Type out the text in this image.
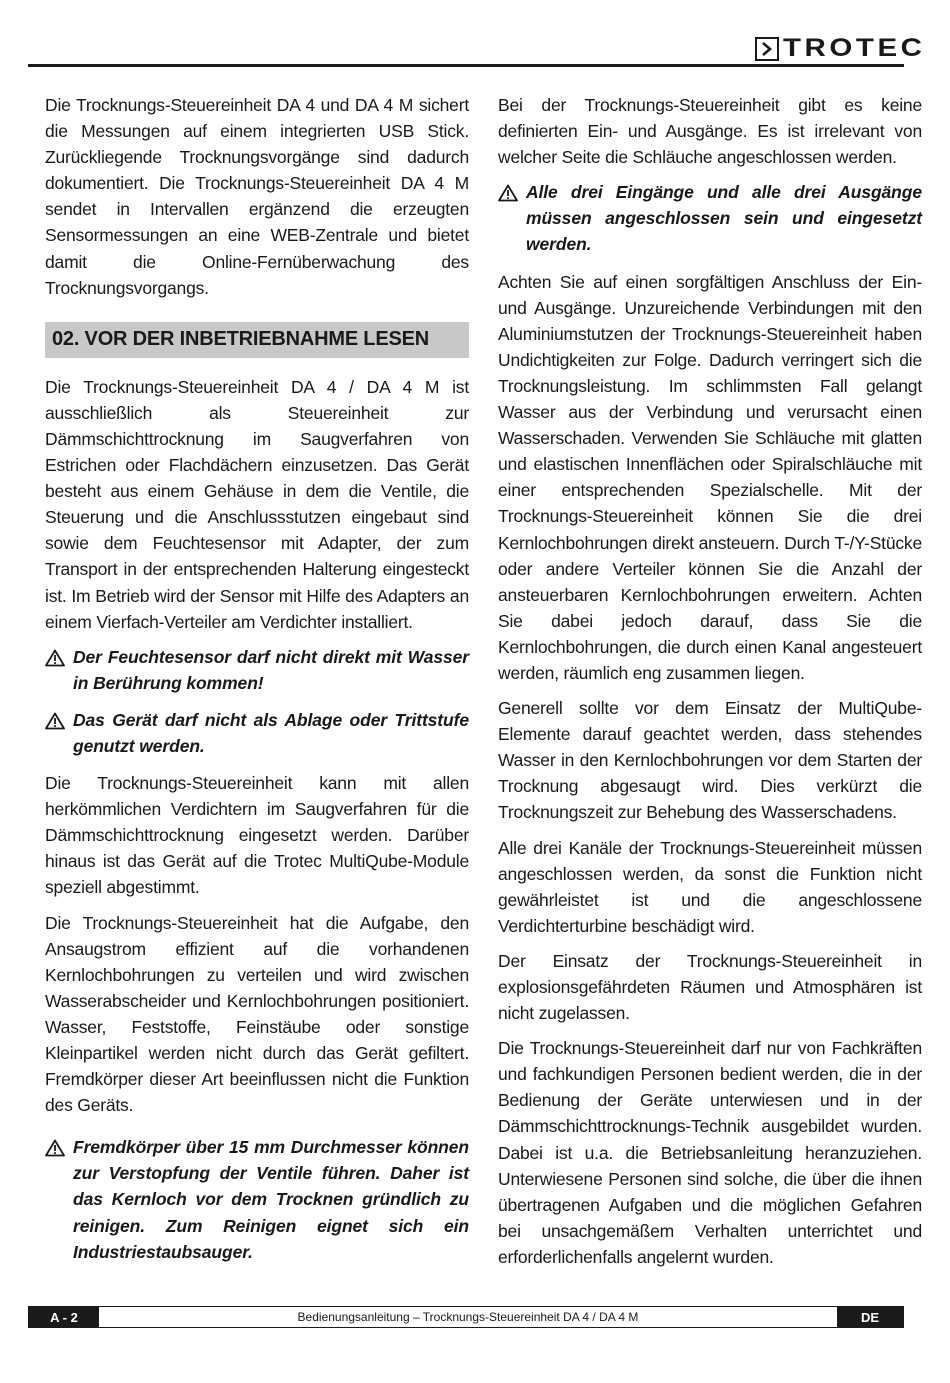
TROTEC

Die Trocknungs-Steuereinheit DA 4 und DA 4 M sichert die Messungen auf einem integrierten USB Stick. Zurückliegende Trocknungsvorgänge sind dadurch dokumentiert. Die Trocknungs-Steuereinheit DA 4 M sendet in Intervallen ergänzend die erzeugten Sensormessungen an eine WEB-Zentrale und bietet damit die Online-Fernüberwachung des Trocknungsvorgangs.

02. VOR DER INBETRIEBNAHME LESEN

Die Trocknungs-Steuereinheit DA 4 / DA 4 M ist ausschließlich als Steuereinheit zur Dämmschichttrocknung im Saugverfahren von Estrichen oder Flachdächern einzusetzen. Das Gerät besteht aus einem Gehäuse in dem die Ventile, die Steuerung und die Anschlussstutzen eingebaut sind sowie dem Feuchtesensor mit Adapter, der zum Transport in der entsprechenden Halterung eingesteckt ist. Im Betrieb wird der Sensor mit Hilfe des Adapters an einem Vierfach-Verteiler am Verdichter installiert.

Der Feuchtesensor darf nicht direkt mit Wasser in Berührung kommen!
Das Gerät darf nicht als Ablage oder Trittstufe genutzt werden.

Die Trocknungs-Steuereinheit kann mit allen herkömmlichen Verdichtern im Saugverfahren für die Dämmschichttrocknung eingesetzt werden. Darüber hinaus ist das Gerät auf die Trotec MultiQube-Module speziell abgestimmt.

Die Trocknungs-Steuereinheit hat die Aufgabe, den Ansaugstrom effizient auf die vorhandenen Kernlochbohrungen zu verteilen und wird zwischen Wasserabscheider und Kernlochbohrungen positioniert. Wasser, Feststoffe, Feinstäube oder sonstige Kleinpartikel werden nicht durch das Gerät gefiltert. Fremdkörper dieser Art beeinflussen nicht die Funktion des Geräts.

Fremdkörper über 15 mm Durchmesser können zur Verstopfung der Ventile führen. Daher ist das Kernloch vor dem Trocknen gründlich zu reinigen. Zum Reinigen eignet sich ein Industriestaubsauger.

Bei der Trocknungs-Steuereinheit gibt es keine definierten Ein- und Ausgänge. Es ist irrelevant von welcher Seite die Schläuche angeschlossen werden.

Alle drei Eingänge und alle drei Ausgänge müssen angeschlossen sein und eingesetzt werden.

Achten Sie auf einen sorgfältigen Anschluss der Ein- und Ausgänge. Unzureichende Verbindungen mit den Aluminiumstutzen der Trocknungs-Steuereinheit haben Undichtigkeiten zur Folge. Dadurch verringert sich die Trocknungsleistung. Im schlimmsten Fall gelangt Wasser aus der Verbindung und verursacht einen Wasserschaden. Verwenden Sie Schläuche mit glatten und elastischen Innenflächen oder Spiralschläuche mit einer entsprechenden Spezialschelle. Mit der Trocknungs-Steuereinheit können Sie die drei Kernlochbohrungen direkt ansteuern. Durch T-/Y-Stücke oder andere Verteiler können Sie die Anzahl der ansteuerbaren Kernlochbohrungen erweitern. Achten Sie dabei jedoch darauf, dass Sie die Kernlochbohrungen, die durch einen Kanal angesteuert werden, räumlich eng zusammen liegen.

Generell sollte vor dem Einsatz der MultiQube-Elemente darauf geachtet werden, dass stehendes Wasser in den Kernlochbohrungen vor dem Starten der Trocknung abgesaugt wird. Dies verkürzt die Trocknungszeit zur Behebung des Wasserschadens.

Alle drei Kanäle der Trocknungs-Steuereinheit müssen angeschlossen werden, da sonst die Funktion nicht gewährleistet ist und die angeschlossene Verdichterturbine beschädigt wird.

Der Einsatz der Trocknungs-Steuereinheit in explosionsgefährdeten Räumen und Atmosphären ist nicht zugelassen.

Die Trocknungs-Steuereinheit darf nur von Fachkräften und fachkundigen Personen bedient werden, die in der Bedienung der Geräte unterwiesen und in der Dämmschichttrocknungs-Technik ausgebildet wurden. Dabei ist u.a. die Betriebsanleitung heranzuziehen. Unterwiesene Personen sind solche, die über die ihnen übertragenen Aufgaben und die möglichen Gefahren bei unsachgemäßem Verhalten unterrichtet und erforderlichenfalls angelernt wurden.

A - 2	Bedienungsanleitung – Trocknungs-Steuereinheit DA 4 / DA 4 M	DE
